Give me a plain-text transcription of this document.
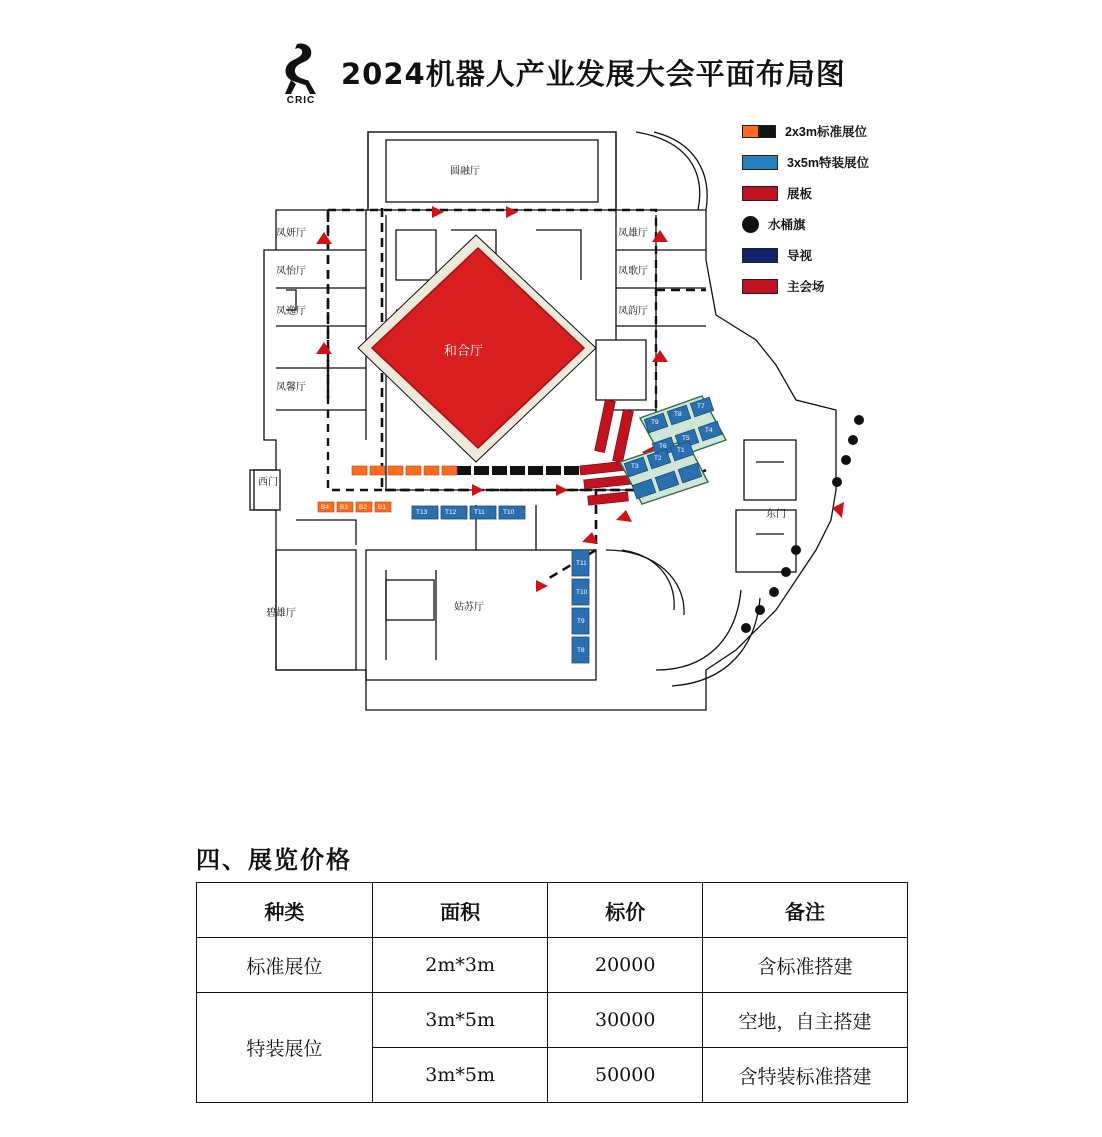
CRIC
2024机器人产业发展大会平面布局图
2x3m标准展位
3x5m特装展位
展板
水桶旗
导视
主会场
和合厅
圆融厅
凤妍厅
凤怡厅
凤逸厅
凤馨厅
凤雄厅
凤歌厅
凤韵厅
姑苏厅
碧雄厅
西门
东门
T13	T12	T11	T10
T11
T10
T9
T8
T9
T8
T7
T6
T5
T4
T3
T2
T1
B4 B3 B2 B1
四、展览价格
种类	面积	标价	备注
标准展位	2m*3m	20000	含标准搭建
特装展位	3m*5m	30000	空地，自主搭建
	3m*5m	50000	含特装标准搭建
